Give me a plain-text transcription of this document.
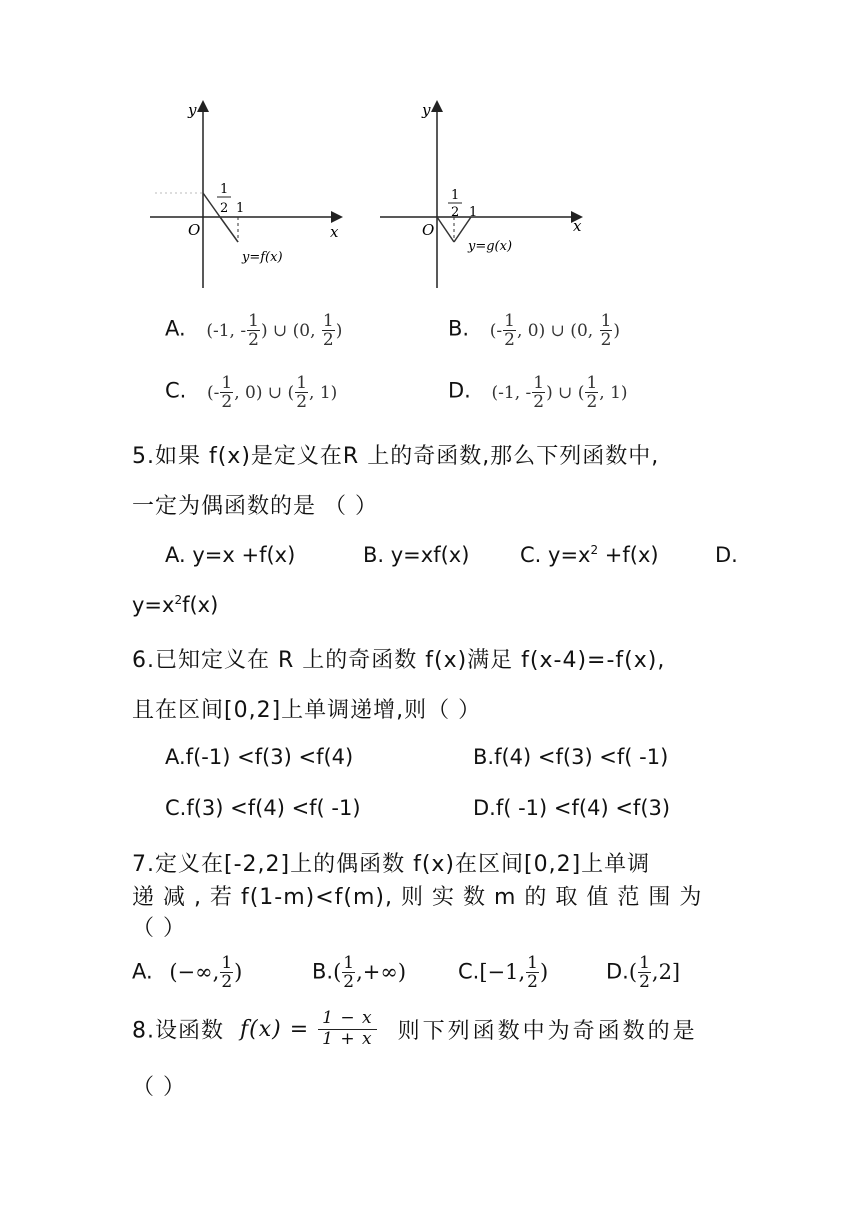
y
x
O
1
2 1
y=f(x)
y
x
O
1
2 1
y=g(x)
A. (-1, - $\frac{1}{2}$ ) ∪ (0, $\frac{1}{2}$ )	B. (- $\frac{1}{2}$ , 0) ∪ (0, $\frac{1}{2}$ )
C. (- $\frac{1}{2}$ , 0) ∪ ( $\frac{1}{2}$ , 1)	D. (-1, - $\frac{1}{2}$ ) ∪ ( $\frac{1}{2}$ , 1)
5.如果 f(x)是定义在R 上的奇函数,那么下列函数中,
一定为偶函数的是 （ ）
A. y=x +f(x)	B. y=xf(x) C. $y=x^2 +f(x)$	D.
$y=x^2f(x)$
6.已知定义在 R 上的奇函数 f(x)满足 f(x-4)=-f(x),
且在区间[0,2]上单调递增,则（ ）
A.f(-1) <f(3) <f(4)	B.f(4) <f(3) <f( -1)
C.f(3) <f(4) <f( -1)	D.f( -1) <f(4) <f(3)
7.定义在[-2,2]上的偶函数 f(x)在区间[0,2]上单调
递 减 , 若 f(1-m)<f(m), 则 实 数 m 的 取 值 范 围 为
（ ）
A. (−∞, $\frac{1}{2}$ )	$B.( \frac{1}{2}$ ,+∞) C.[−1, $\frac{1}{2}$ )	$D.( \frac{1}{2} ,2]$
8.设函数 $f(x) = \frac{1 - x}{1 + x}$ 则下列函数中为奇函数的是
（ ）
